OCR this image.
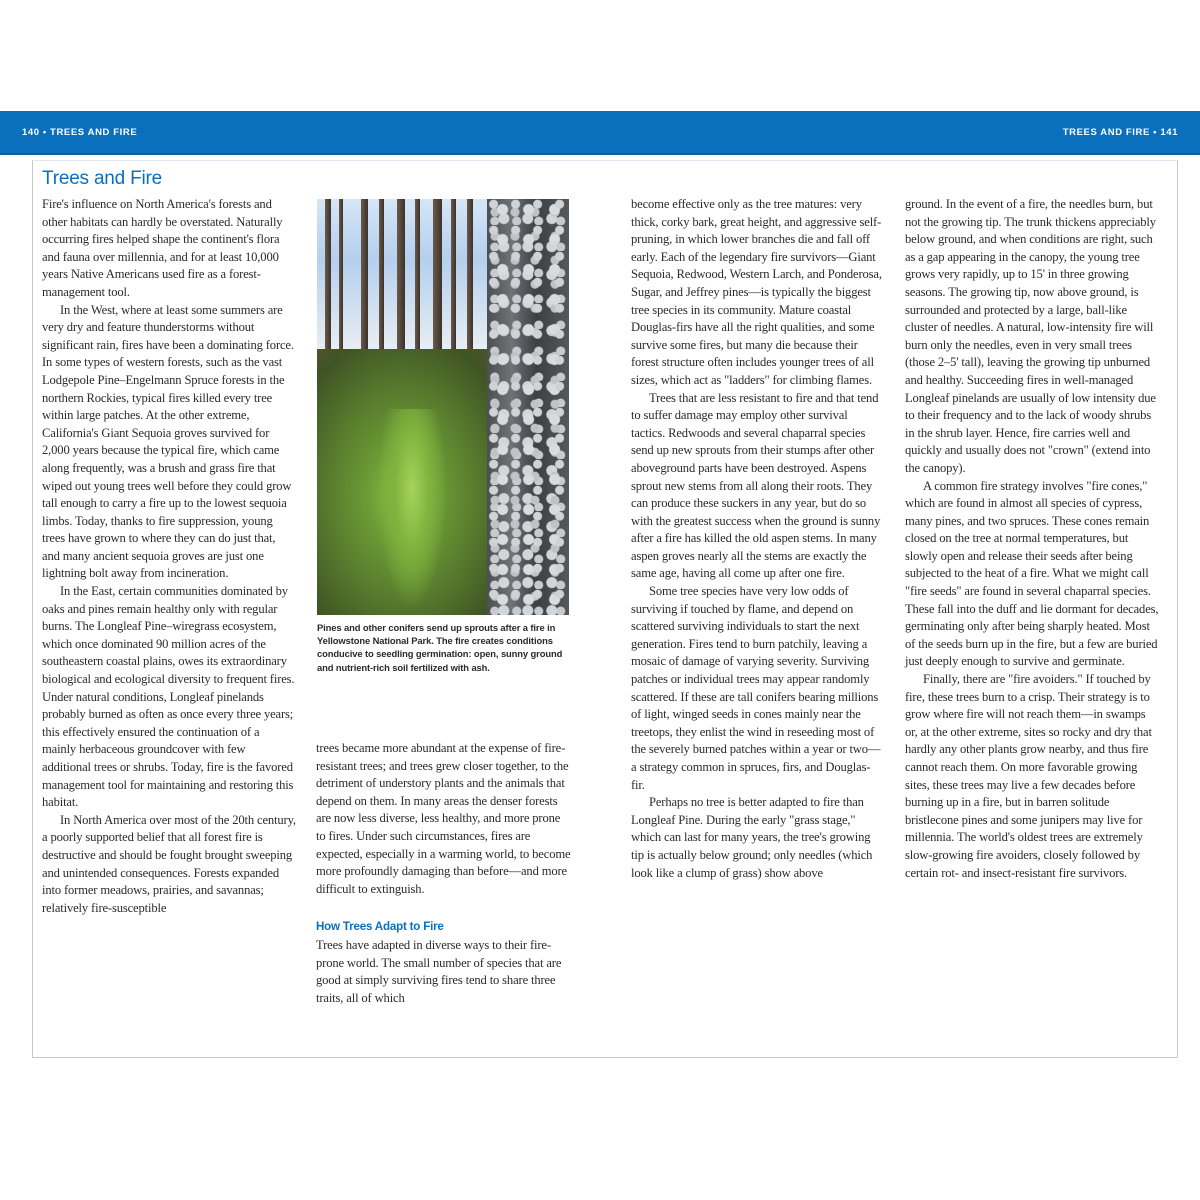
140 • TREES AND FIRE	TREES AND FIRE • 141
Trees and Fire

Fire's influence on North America's forests and other habitats can hardly be overstated. Naturally occurring fires helped shape the continent's flora and fauna over millennia, and for at least 10,000 years Native Americans used fire as a forest-management tool.

In the West, where at least some summers are very dry and feature thunderstorms without significant rain, fires have been a dominating force. In some types of western forests, such as the vast Lodgepole Pine–Engelmann Spruce forests in the northern Rockies, typical fires killed every tree within large patches. At the other extreme, California's Giant Sequoia groves survived for 2,000 years because the typical fire, which came along frequently, was a brush and grass fire that wiped out young trees well before they could grow tall enough to carry a fire up to the lowest sequoia limbs. Today, thanks to fire suppression, young trees have grown to where they can do just that, and many ancient sequoia groves are just one lightning bolt away from incineration.

In the East, certain communities dominated by oaks and pines remain healthy only with regular burns. The Longleaf Pine–wiregrass ecosystem, which once dominated 90 million acres of the southeastern coastal plains, owes its extraordinary biological and ecological diversity to frequent fires. Under natural conditions, Longleaf pinelands probably burned as often as once every three years; this effectively ensured the continuation of a mainly herbaceous groundcover with few additional trees or shrubs. Today, fire is the favored management tool for maintaining and restoring this habitat.

In North America over most of the 20th century, a poorly supported belief that all forest fire is destructive and should be fought brought sweeping and unintended consequences. Forests expanded into former meadows, prairies, and savannas; relatively fire-susceptible

Pines and other conifers send up sprouts after a fire in Yellowstone National Park. The fire creates conditions conducive to seedling germination: open, sunny ground and nutrient-rich soil fertilized with ash.

trees became more abundant at the expense of fire-resistant trees; and trees grew closer together, to the detriment of understory plants and the animals that depend on them. In many areas the denser forests are now less diverse, less healthy, and more prone to fires. Under such circumstances, fires are expected, especially in a warming world, to become more profoundly damaging than before—and more difficult to extinguish.

How Trees Adapt to Fire

Trees have adapted in diverse ways to their fire-prone world. The small number of species that are good at simply surviving fires tend to share three traits, all of which

become effective only as the tree matures: very thick, corky bark, great height, and aggressive self-pruning, in which lower branches die and fall off early. Each of the legendary fire survivors—Giant Sequoia, Redwood, Western Larch, and Ponderosa, Sugar, and Jeffrey pines—is typically the biggest tree species in its community. Mature coastal Douglas-firs have all the right qualities, and some survive some fires, but many die because their forest structure often includes younger trees of all sizes, which act as "ladders" for climbing flames.

Trees that are less resistant to fire and that tend to suffer damage may employ other survival tactics. Redwoods and several chaparral species send up new sprouts from their stumps after other aboveground parts have been destroyed. Aspens sprout new stems from all along their roots. They can produce these suckers in any year, but do so with the greatest success when the ground is sunny after a fire has killed the old aspen stems. In many aspen groves nearly all the stems are exactly the same age, having all come up after one fire.

Some tree species have very low odds of surviving if touched by flame, and depend on scattered surviving individuals to start the next generation. Fires tend to burn patchily, leaving a mosaic of damage of varying severity. Surviving patches or individual trees may appear randomly scattered. If these are tall conifers bearing millions of light, winged seeds in cones mainly near the treetops, they enlist the wind in reseeding most of the severely burned patches within a year or two—a strategy common in spruces, firs, and Douglas-fir.

Perhaps no tree is better adapted to fire than Longleaf Pine. During the early "grass stage," which can last for many years, the tree's growing tip is actually below ground; only needles (which look like a clump of grass) show above

ground. In the event of a fire, the needles burn, but not the growing tip. The trunk thickens appreciably below ground, and when conditions are right, such as a gap appearing in the canopy, the young tree grows very rapidly, up to 15' in three growing seasons. The growing tip, now above ground, is surrounded and protected by a large, ball-like cluster of needles. A natural, low-intensity fire will burn only the needles, even in very small trees (those 2–5' tall), leaving the growing tip unburned and healthy. Succeeding fires in well-managed Longleaf pinelands are usually of low intensity due to their frequency and to the lack of woody shrubs in the shrub layer. Hence, fire carries well and quickly and usually does not "crown" (extend into the canopy).

A common fire strategy involves "fire cones," which are found in almost all species of cypress, many pines, and two spruces. These cones remain closed on the tree at normal temperatures, but slowly open and release their seeds after being subjected to the heat of a fire. What we might call "fire seeds" are found in several chaparral species. These fall into the duff and lie dormant for decades, germinating only after being sharply heated. Most of the seeds burn up in the fire, but a few are buried just deeply enough to survive and germinate.

Finally, there are "fire avoiders." If touched by fire, these trees burn to a crisp. Their strategy is to grow where fire will not reach them—in swamps or, at the other extreme, sites so rocky and dry that hardly any other plants grow nearby, and thus fire cannot reach them. On more favorable growing sites, these trees may live a few decades before burning up in a fire, but in barren solitude bristlecone pines and some junipers may live for millennia. The world's oldest trees are extremely slow-growing fire avoiders, closely followed by certain rot- and insect-resistant fire survivors.
